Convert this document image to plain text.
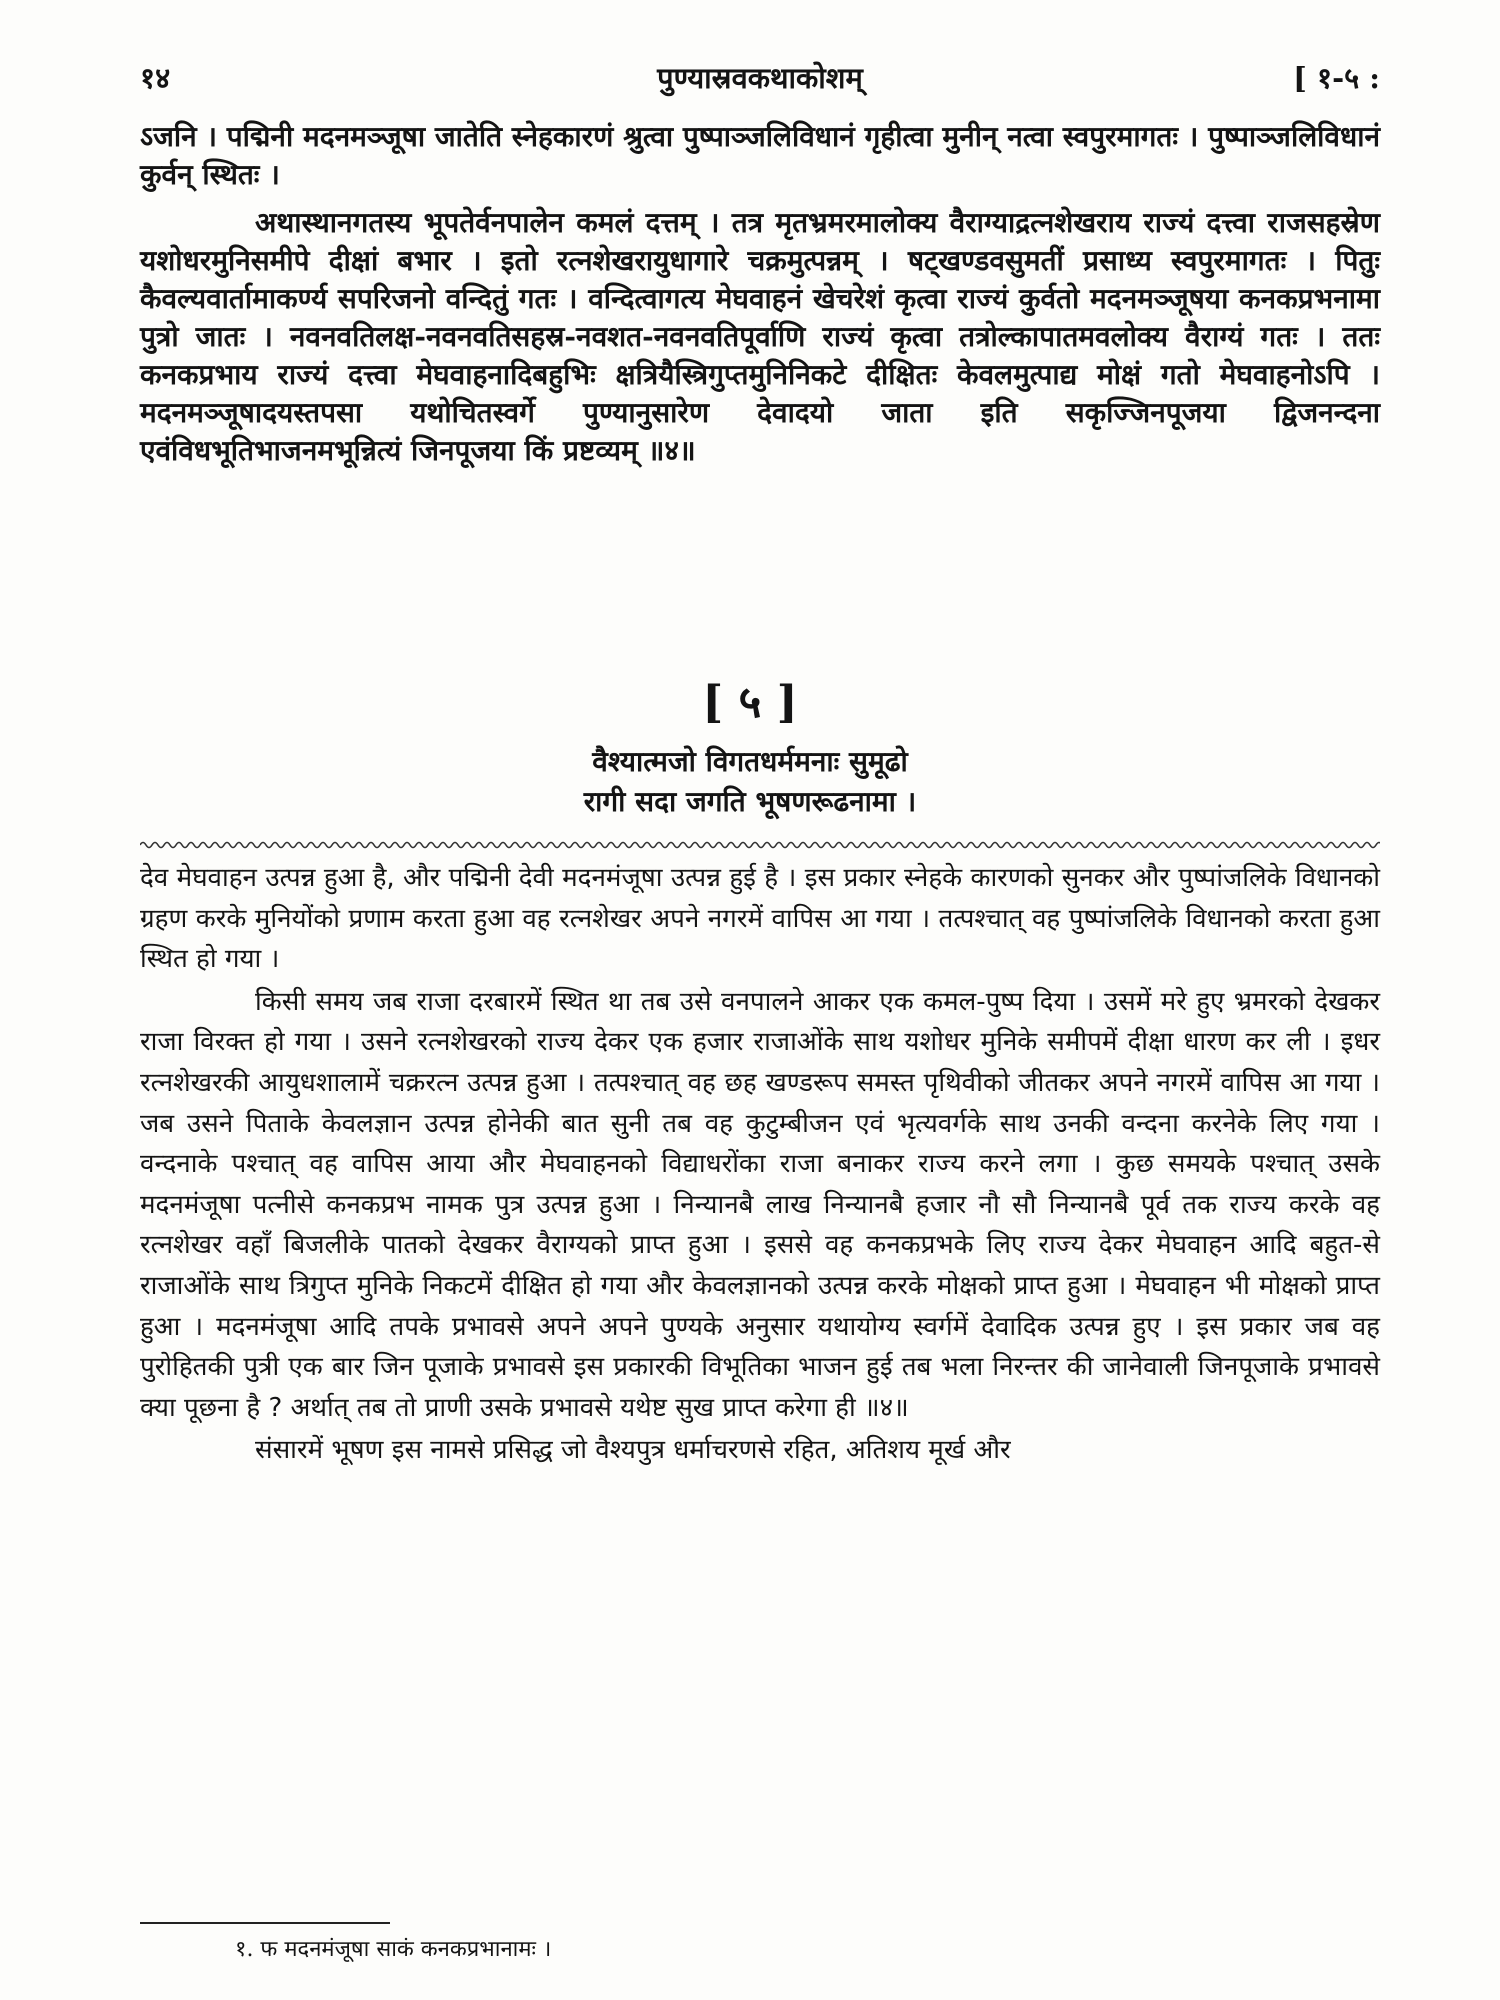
१४	पुण्यास्रवकथाकोशम्	[ १-५ :

ऽजनि । पद्मिनी मदनमञ्जूषा जातेति स्नेहकारणं श्रुत्वा पुष्पाञ्जलिविधानं गृहीत्वा मुनीन् नत्वा स्वपुरमागतः । पुष्पाञ्जलिविधानं कुर्वन् स्थितः ।

अथास्थानगतस्य भूपतेर्वनपालेन कमलं दत्तम् । तत्र मृतभ्रमरमालोक्य वैराग्याद्रत्नशेखराय राज्यं दत्त्वा राजसहस्रेण यशोधरमुनिसमीपे दीक्षां बभार । इतो रत्नशेखरायुधागारे चक्रमुत्पन्नम् । षट्खण्डवसुमतीं प्रसाध्य स्वपुरमागतः । पितुः कैवल्यवार्तामाकर्ण्य सपरिजनो वन्दितुं गतः । वन्दित्वागत्य मेघवाहनं खेचरेशं कृत्वा राज्यं कुर्वतो मदनमञ्जूषया कनकप्रभनामा पुत्रो जातः । नवनवतिलक्ष-नवनवतिसहस्र-नवशत-नवनवतिपूर्वाणि राज्यं कृत्वा तत्रोल्कापातमवलोक्य वैराग्यं गतः । ततः कनकप्रभाय राज्यं दत्त्वा मेघवाहनादिबहुभिः क्षत्रियैस्त्रिगुप्तमुनिनिकटे दीक्षितः केवलमुत्पाद्य मोक्षं गतो मेघवाहनोऽपि । मदनमञ्जूषादयस्तपसा यथोचितस्वर्गे पुण्यानुसारेण देवादयो जाता इति सकृज्जिनपूजया द्विजनन्दना एवंविधभूतिभाजनमभून्नित्यं जिनपूजया किं प्रष्टव्यम् ॥४॥

[ ५ ]
वैश्यात्मजो विगतधर्ममनाः सुमूढो
रागी सदा जगति भूषणरूढनामा ।

देव मेघवाहन उत्पन्न हुआ है, और पद्मिनी देवी मदनमंजूषा उत्पन्न हुई है । इस प्रकार स्नेहके कारणको सुनकर और पुष्पांजलिके विधानको ग्रहण करके मुनियोंको प्रणाम करता हुआ वह रत्नशेखर अपने नगरमें वापिस आ गया । तत्पश्चात् वह पुष्पांजलिके विधानको करता हुआ स्थित हो गया ।

किसी समय जब राजा दरबारमें स्थित था तब उसे वनपालने आकर एक कमल-पुष्प दिया । उसमें मरे हुए भ्रमरको देखकर राजा विरक्त हो गया । उसने रत्नशेखरको राज्य देकर एक हजार राजाओंके साथ यशोधर मुनिके समीपमें दीक्षा धारण कर ली । इधर रत्नशेखरकी आयुधशालामें चक्ररत्न उत्पन्न हुआ । तत्पश्चात् वह छह खण्डरूप समस्त पृथिवीको जीतकर अपने नगरमें वापिस आ गया । जब उसने पिताके केवलज्ञान उत्पन्न होनेकी बात सुनी तब वह कुटुम्बीजन एवं भृत्यवर्गके साथ उनकी वन्दना करनेके लिए गया । वन्दनाके पश्चात् वह वापिस आया और मेघवाहनको विद्याधरोंका राजा बनाकर राज्य करने लगा । कुछ समयके पश्चात् उसके मदनमंजूषा पत्नीसे कनकप्रभ नामक पुत्र उत्पन्न हुआ । निन्यानबै लाख निन्यानबै हजार नौ सौ निन्यानबै पूर्व तक राज्य करके वह रत्नशेखर वहाँ बिजलीके पातको देखकर वैराग्यको प्राप्त हुआ । इससे वह कनकप्रभके लिए राज्य देकर मेघवाहन आदि बहुत-से राजाओंके साथ त्रिगुप्त मुनिके निकटमें दीक्षित हो गया और केवलज्ञानको उत्पन्न करके मोक्षको प्राप्त हुआ । मेघवाहन भी मोक्षको प्राप्त हुआ । मदनमंजूषा आदि तपके प्रभावसे अपने अपने पुण्यके अनुसार यथायोग्य स्वर्गमें देवादिक उत्पन्न हुए । इस प्रकार जब वह पुरोहितकी पुत्री एक बार जिन पूजाके प्रभावसे इस प्रकारकी विभूतिका भाजन हुई तब भला निरन्तर की जानेवाली जिनपूजाके प्रभावसे क्या पूछना है ? अर्थात् तब तो प्राणी उसके प्रभावसे यथेष्ट सुख प्राप्त करेगा ही ॥४॥

संसारमें भूषण इस नामसे प्रसिद्ध जो वैश्यपुत्र धर्माचरणसे रहित, अतिशय मूर्ख और

१. फ मदनमंजूषा साकं कनकप्रभानामः ।
